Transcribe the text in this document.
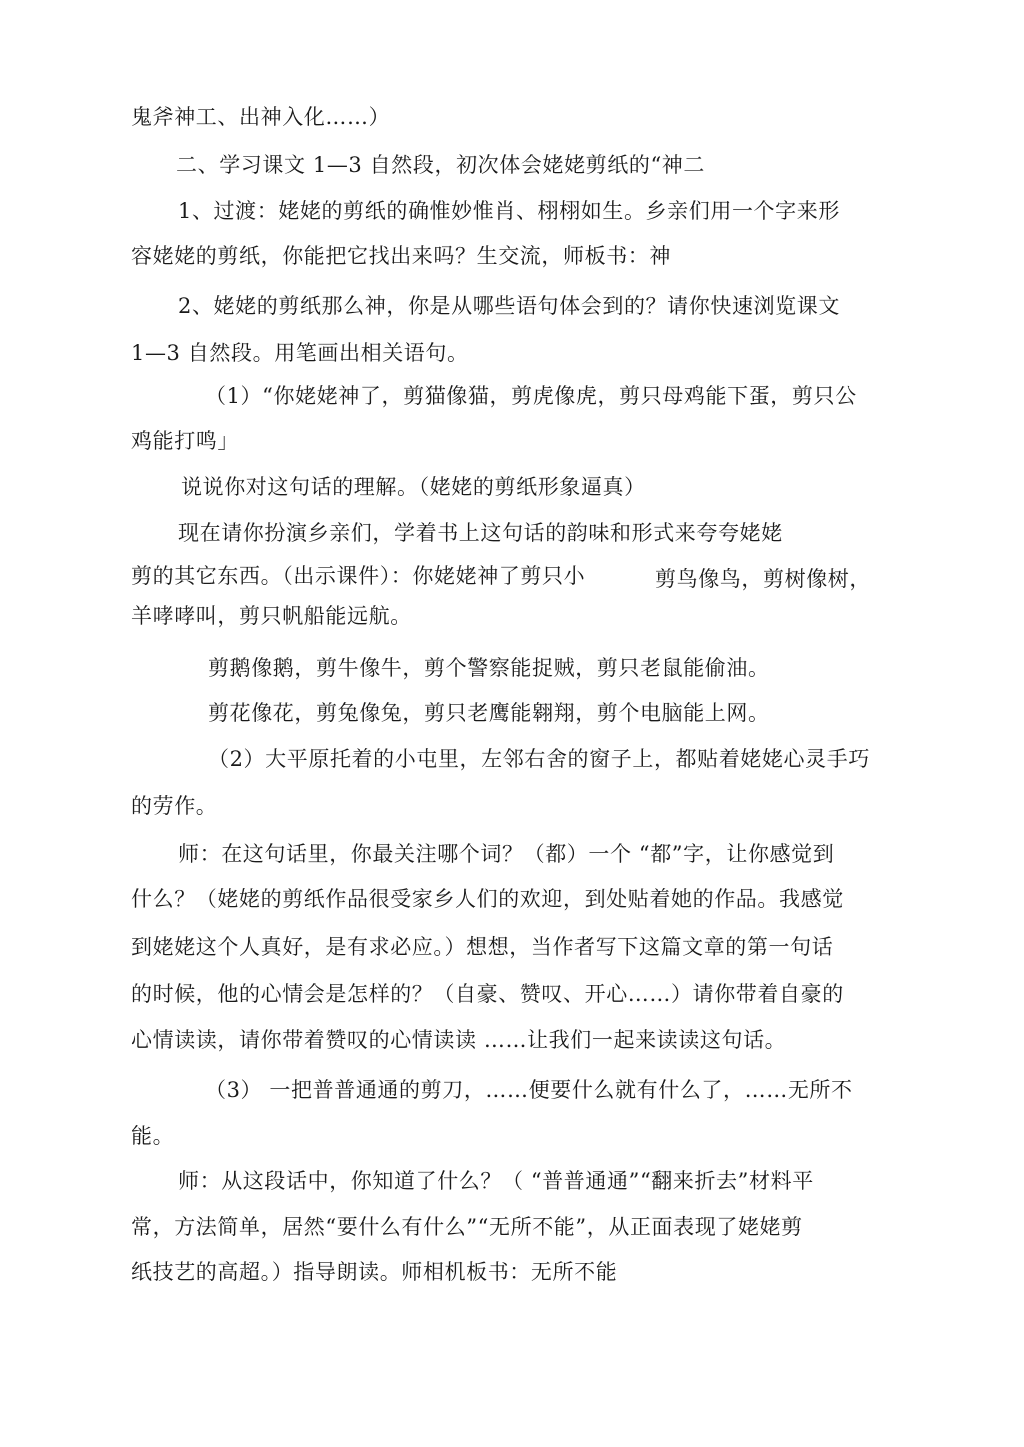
鬼斧神工、出神入化……）
二、学习课文 1—3 自然段，初次体会姥姥剪纸的“神二
1、过渡：姥姥的剪纸的确惟妙惟肖、栩栩如生。乡亲们用一个字来形
容姥姥的剪纸，你能把它找出来吗？生交流，师板书：神
2、姥姥的剪纸那么神，你是从哪些语句体会到的？请你快速浏览课文
1—3 自然段。用笔画出相关语句。
（1）“你姥姥神了，剪猫像猫，剪虎像虎，剪只母鸡能下蛋，剪只公
鸡能打鸣」
说说你对这句话的理解。（姥姥的剪纸形象逼真）
现在请你扮演乡亲们，学着书上这句话的韵味和形式来夸夸姥姥
剪的其它东西。（出示课件）：你姥姥神了剪只小	剪鸟像鸟，剪树像树，
羊哮哮叫，剪只帆船能远航。
剪鹅像鹅，剪牛像牛，剪个警察能捉贼，剪只老鼠能偷油。
剪花像花，剪兔像兔，剪只老鹰能翱翔，剪个电脑能上网。
（2）大平原托着的小屯里，左邻右舍的窗子上，都贴着姥姥心灵手巧
的劳作。
师：在这句话里，你最关注哪个词？（都）一个 “都”字，让你感觉到
什么？（姥姥的剪纸作品很受家乡人们的欢迎，到处贴着她的作品。我感觉
到姥姥这个人真好，是有求必应。）想想，当作者写下这篇文章的第一句话
的时候，他的心情会是怎样的？（自豪、赞叹、开心……）请你带着自豪的
心情读读，请你带着赞叹的心情读读 ……让我们一起来读读这句话。
（3） 一把普普通通的剪刀，……便要什么就有什么了，……无所不
能。
师：从这段话中，你知道了什么？（ “普普通通”“翻来折去”材料平
常，方法简单，居然“要什么有什么”“无所不能”，从正面表现了姥姥剪
纸技艺的高超。）指导朗读。师相机板书：无所不能
